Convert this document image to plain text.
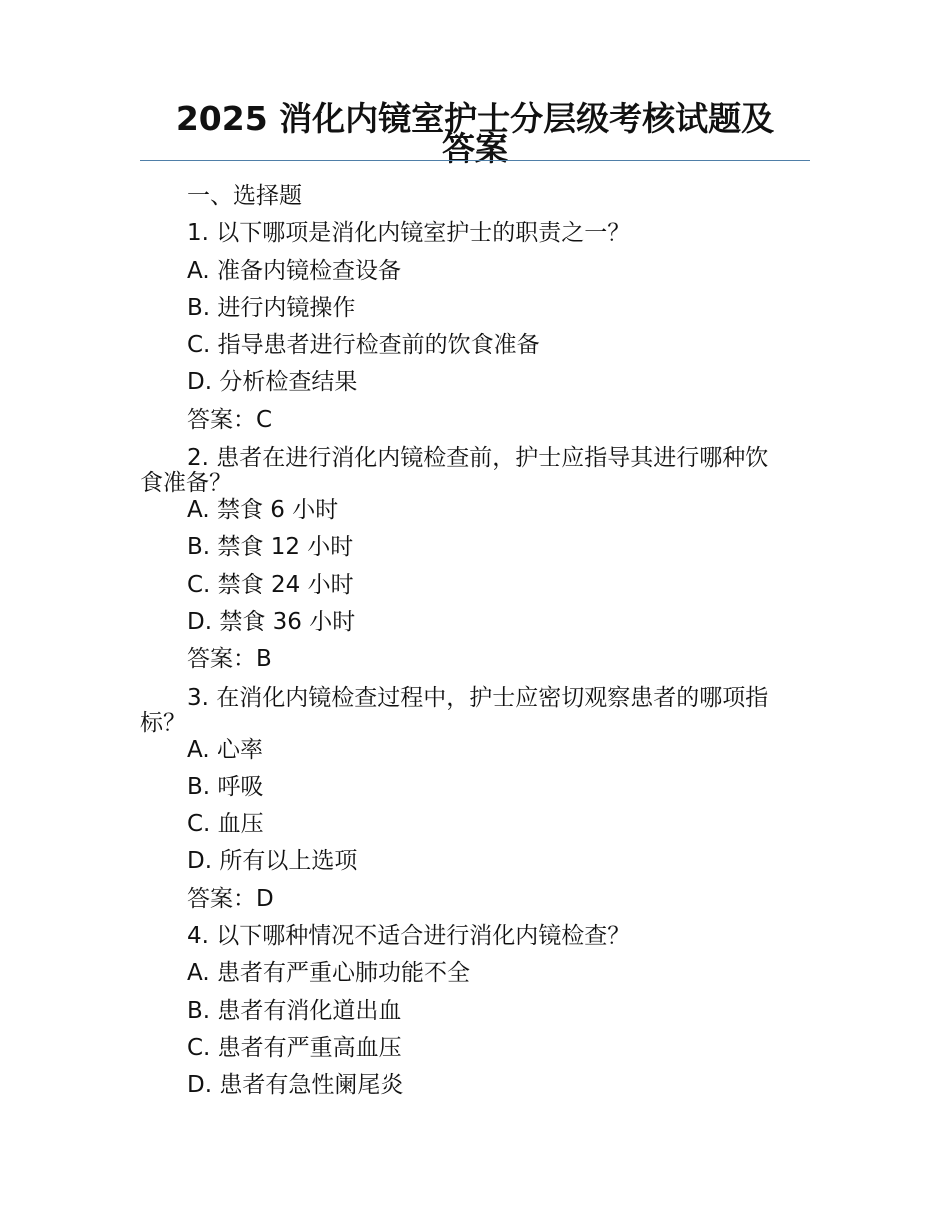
2025 消化内镜室护士分层级考核试题及
答案
一、选择题
1. 以下哪项是消化内镜室护士的职责之一？
A. 准备内镜检查设备
B. 进行内镜操作
C. 指导患者进行检查前的饮食准备
D. 分析检查结果
答案：C
2. 患者在进行消化内镜检查前，护士应指导其进行哪种饮
食准备？
A. 禁食 6 小时
B. 禁食 12 小时
C. 禁食 24 小时
D. 禁食 36 小时
答案：B
3. 在消化内镜检查过程中，护士应密切观察患者的哪项指
标？
A. 心率
B. 呼吸
C. 血压
D. 所有以上选项
答案：D
4. 以下哪种情况不适合进行消化内镜检查？
A. 患者有严重心肺功能不全
B. 患者有消化道出血
C. 患者有严重高血压
D. 患者有急性阑尾炎
